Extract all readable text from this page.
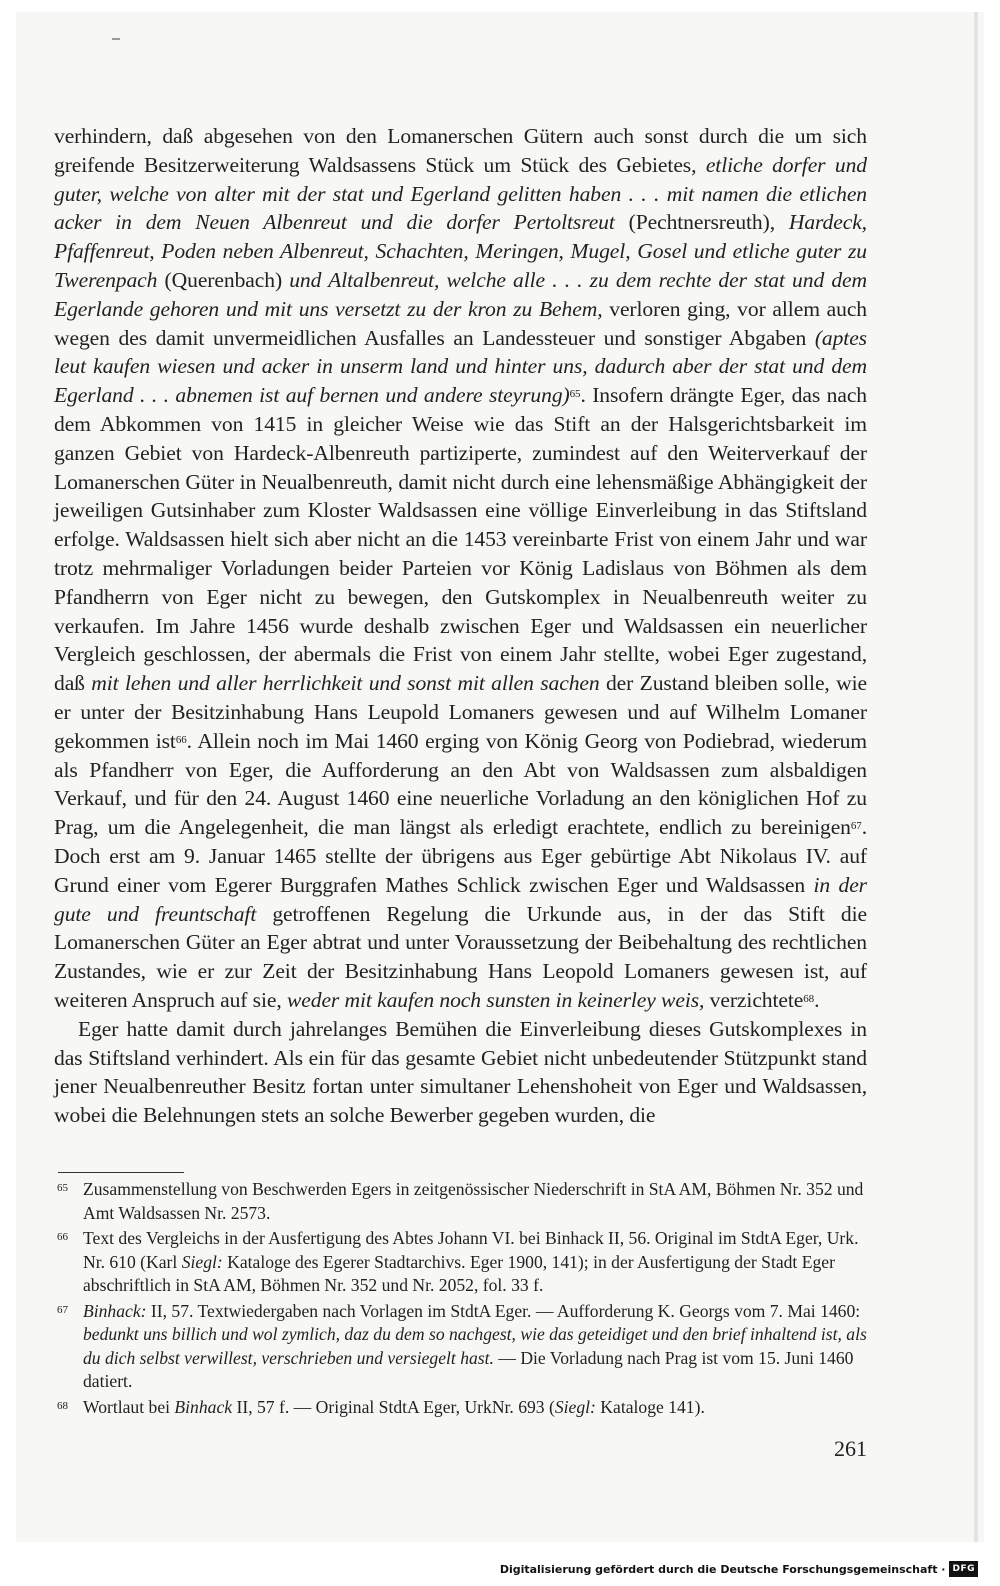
verhindern, daß abgesehen von den Lomanerschen Gütern auch sonst durch die um sich greifende Besitzerweiterung Waldsassens Stück um Stück des Gebietes, etliche dorfer und guter, welche von alter mit der stat und Egerland gelitten haben . . . mit namen die etlichen acker in dem Neuen Albenreut und die dorfer Pertoltsreut (Pechtnersreuth), Hardeck, Pfaffenreut, Poden neben Albenreut, Schachten, Meringen, Mugel, Gosel und etliche guter zu Twerenpach (Querenbach) und Altalbenreut, welche alle . . . zu dem rechte der stat und dem Egerlande gehoren und mit uns versetzt zu der kron zu Behem, verloren ging, vor allem auch wegen des damit unvermeidlichen Ausfalles an Landessteuer und sonstiger Abgaben (aptes leut kaufen wiesen und acker in unserm land und hinter uns, dadurch aber der stat und dem Egerland . . . abnemen ist auf bernen und andere steyrung)$^{65}$. Insofern drängte Eger, das nach dem Abkommen von 1415 in gleicher Weise wie das Stift an der Halsgerichtsbarkeit im ganzen Gebiet von Hardeck-Albenreuth partiziperte, zumindest auf den Weiterverkauf der Lomanerschen Güter in Neualbenreuth, damit nicht durch eine lehensmäßige Abhängigkeit der jeweiligen Gutsinhaber zum Kloster Waldsassen eine völlige Einverleibung in das Stiftsland erfolge. Waldsassen hielt sich aber nicht an die 1453 vereinbarte Frist von einem Jahr und war trotz mehrmaliger Vorladungen beider Parteien vor König Ladislaus von Böhmen als dem Pfandherrn von Eger nicht zu bewegen, den Gutskomplex in Neualbenreuth weiter zu verkaufen. Im Jahre 1456 wurde deshalb zwischen Eger und Waldsassen ein neuerlicher Vergleich geschlossen, der abermals die Frist von einem Jahr stellte, wobei Eger zugestand, daß mit lehen und aller herrlichkeit und sonst mit allen sachen der Zustand bleiben solle, wie er unter der Besitzinhabung Hans Leupold Lomaners gewesen und auf Wilhelm Lomaner gekommen ist$^{66}$. Allein noch im Mai 1460 erging von König Georg von Podiebrad, wiederum als Pfandherr von Eger, die Aufforderung an den Abt von Waldsassen zum alsbaldigen Verkauf, und für den 24. August 1460 eine neuerliche Vorladung an den königlichen Hof zu Prag, um die Angelegenheit, die man längst als erledigt erachtete, endlich zu bereinigen$^{67}$. Doch erst am 9. Januar 1465 stellte der übrigens aus Eger gebürtige Abt Nikolaus IV. auf Grund einer vom Egerer Burggrafen Mathes Schlick zwischen Eger und Waldsassen in der gute und freuntschaft getroffenen Regelung die Urkunde aus, in der das Stift die Lomanerschen Güter an Eger abtrat und unter Voraussetzung der Beibehaltung des rechtlichen Zustandes, wie er zur Zeit der Besitzinhabung Hans Leopold Lomaners gewesen ist, auf weiteren Anspruch auf sie, weder mit kaufen noch sunsten in keinerley weis, verzichtete$^{68}$.

Eger hatte damit durch jahrelanges Bemühen die Einverleibung dieses Gutskomplexes in das Stiftsland verhindert. Als ein für das gesamte Gebiet nicht unbedeutender Stützpunkt stand jener Neualbenreuther Besitz fortan unter simultaner Lehenshoheit von Eger und Waldsassen, wobei die Belehnungen stets an solche Bewerber gegeben wurden, die

65 Zusammenstellung von Beschwerden Egers in zeitgenössischer Niederschrift in StA AM, Böhmen Nr. 352 und Amt Waldsassen Nr. 2573.
66 Text des Vergleichs in der Ausfertigung des Abtes Johann VI. bei Binhack II, 56. Original im StdtA Eger, Urk. Nr. 610 (Karl Siegl: Kataloge des Egerer Stadtarchivs. Eger 1900, 141); in der Ausfertigung der Stadt Eger abschriftlich in StA AM, Böhmen Nr. 352 und Nr. 2052, fol. 33 f.
67 Binhack: II, 57. Textwiedergaben nach Vorlagen im StdtA Eger. — Aufforderung K. Georgs vom 7. Mai 1460: bedunkt uns billich und wol zymlich, daz du dem so nachgest, wie das geteidiget und den brief inhaltend ist, als du dich selbst verwillest, verschrieben und versiegelt hast. — Die Vorladung nach Prag ist vom 15. Juni 1460 datiert.
68 Wortlaut bei Binhack II, 57 f. — Original StdtA Eger, UrkNr. 693 (Siegl: Kataloge 141).
261
Digitalisierung gefördert durch die Deutsche Forschungsgemeinschaft · DFG
